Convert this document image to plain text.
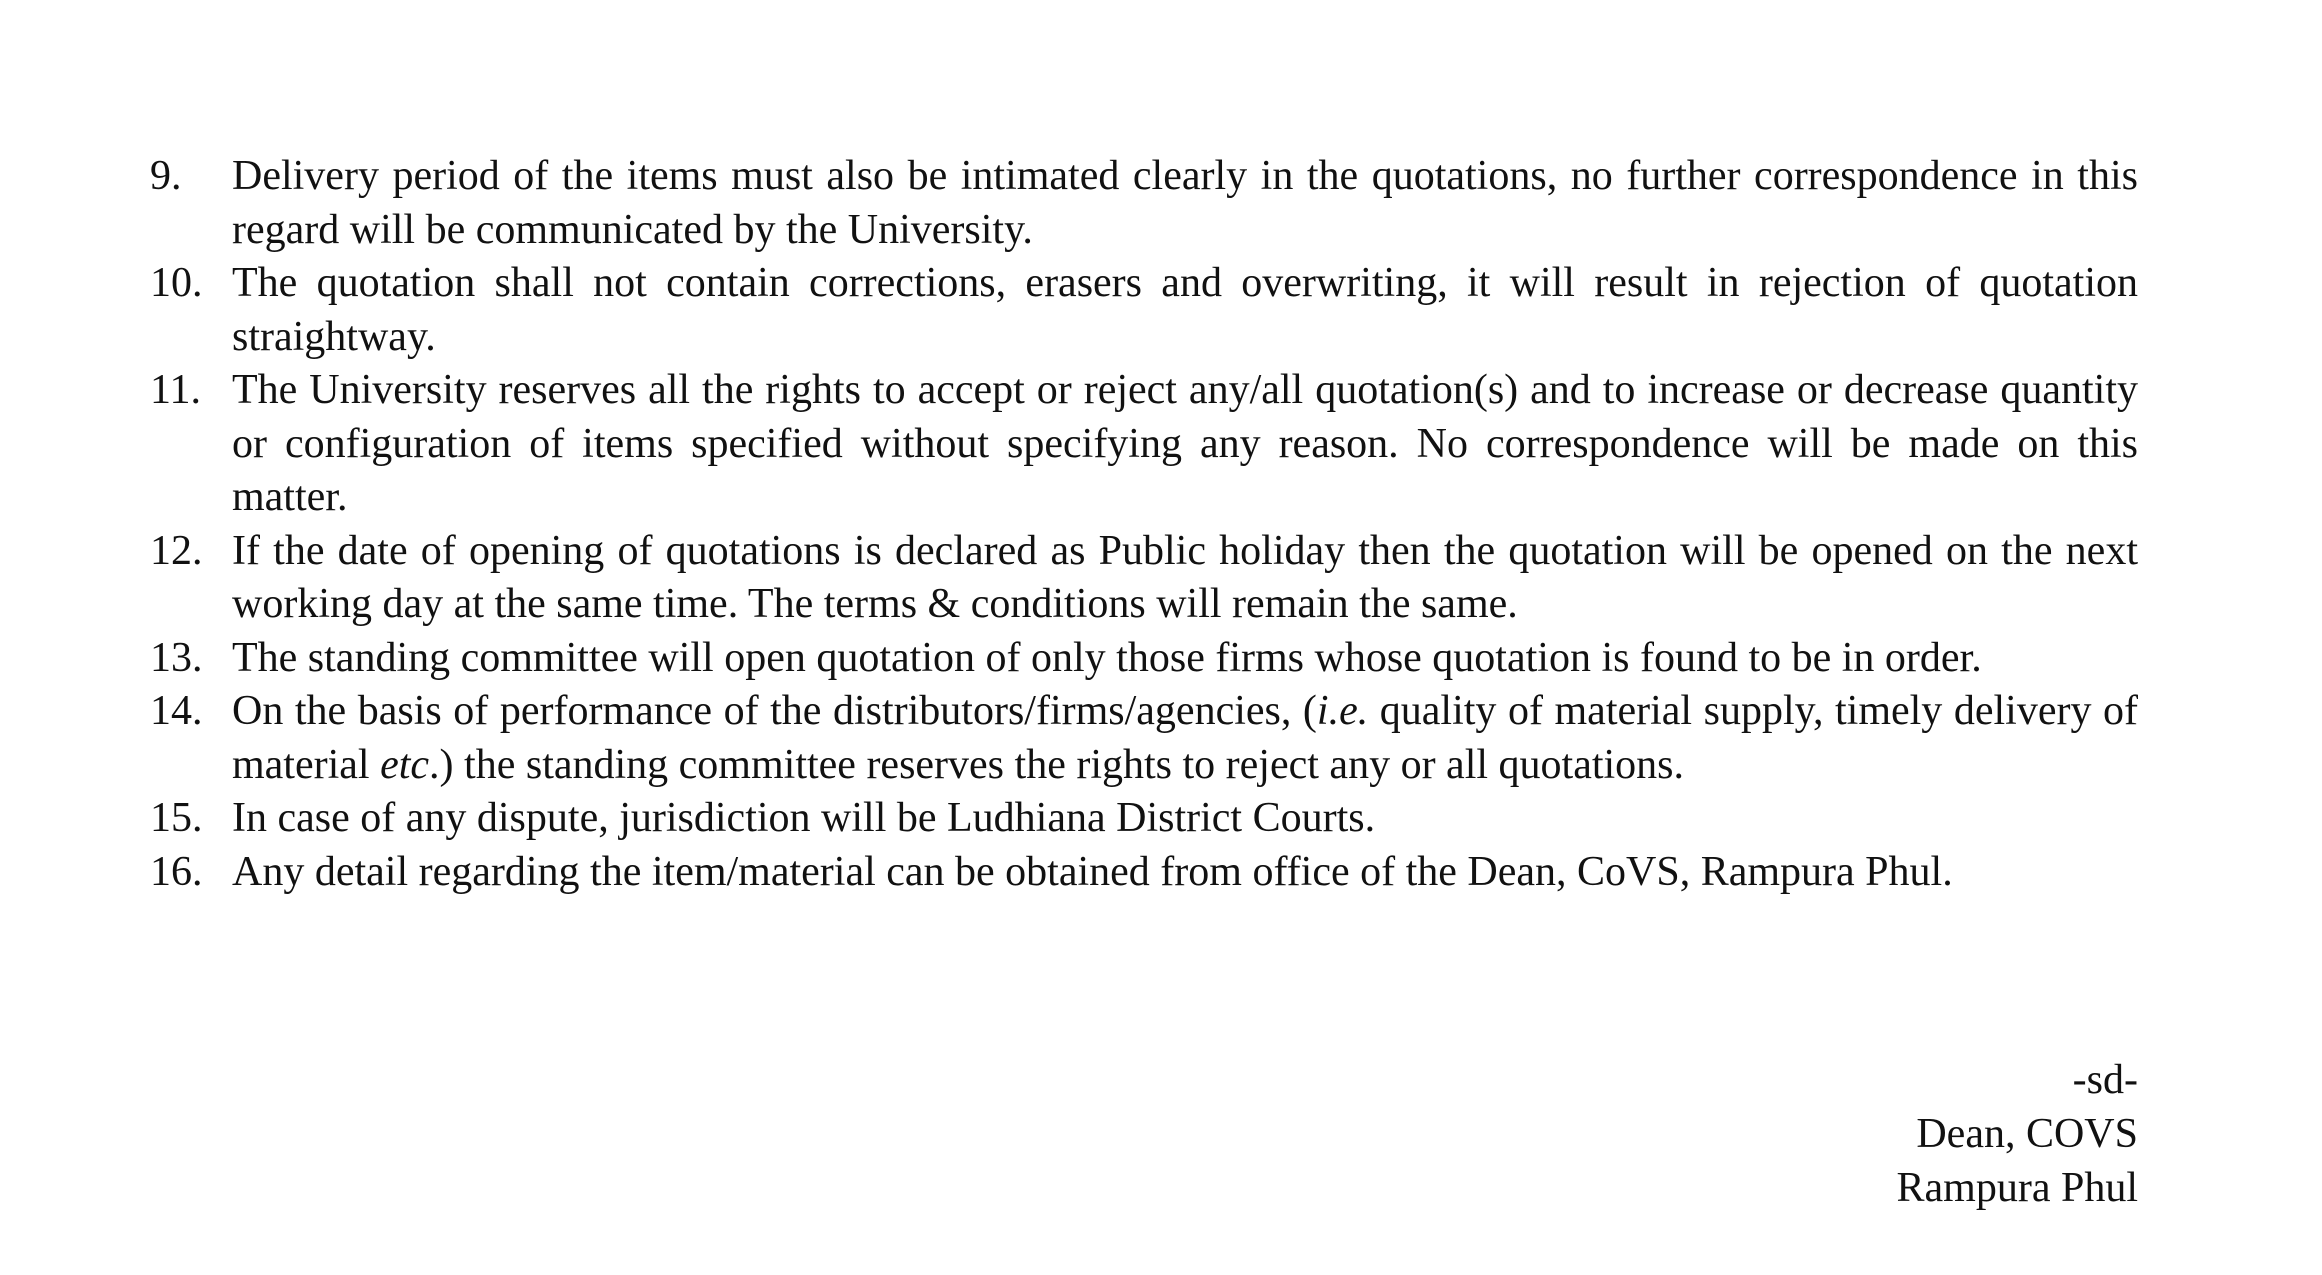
9.	Delivery period of the items must also be intimated clearly in the quotations, no further correspondence in this regard will be communicated by the University.
10. The quotation shall not contain corrections, erasers and overwriting, it will result in rejection of quotation straightway.
11. The University reserves all the rights to accept or reject any/all quotation(s) and to increase or decrease quantity or configuration of items specified without specifying any reason. No correspondence will be made on this matter.
12. If the date of opening of quotations is declared as Public holiday then the quotation will be opened on the next working day at the same time. The terms & conditions will remain the same.
13. The standing committee will open quotation of only those firms whose quotation is found to be in order.
14. On the basis of performance of the distributors/firms/agencies, (i.e. quality of material supply, timely delivery of material etc.) the standing committee reserves the rights to reject any or all quotations.
15. In case of any dispute, jurisdiction will be Ludhiana District Courts.
16. Any detail regarding the item/material can be obtained from office of the Dean, CoVS, Rampura Phul.
-sd-
Dean, COVS
Rampura Phul
